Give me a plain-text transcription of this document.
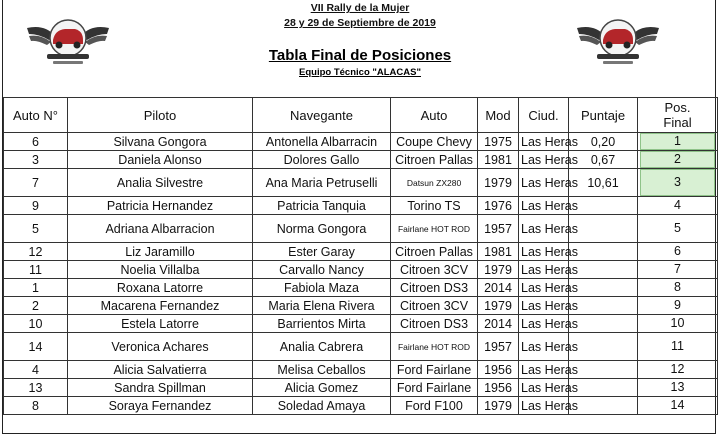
VII Rally de la Mujer
28 y 29 de Septiembre de 2019
Tabla Final de Posiciones
Equipo Técnico "ALACAS"
Auto N°	Piloto	Navegante	Auto	Mod	Ciud.	Puntaje	Pos.
Final
6	Silvana Gongora	Antonella Albarracin	Coupe Chevy	1975	Las Heras	0,20	1

3	Daniela Alonso	Dolores Gallo	Citroen Pallas	1981	Las Heras	0,67	2

7	Analia Silvestre	Ana Maria Petruselli	Datsun ZX280	1979	Las Heras	10,61	3

9	Patricia Hernandez	Patricia Tanquia	Torino TS	1976	Las Heras		4

5	Adriana Albarracion	Norma Gongora	Fairlane HOT ROD	1957	Las Heras		5

12	Liz Jaramillo	Ester Garay	Citroen Pallas	1981	Las Heras		6

11	Noelia Villalba	Carvallo Nancy	Citroen 3CV	1979	Las Heras		7

1	Roxana Latorre	Fabiola Maza	Citroen DS3	2014	Las Heras		8

2	Macarena Fernandez	Maria Elena Rivera	Citroen 3CV	1979	Las Heras		9

10	Estela Latorre	Barrientos Mirta	Citroen DS3	2014	Las Heras		10

14	Veronica Achares	Analia Cabrera	Fairlane HOT ROD	1957	Las Heras		11

4	Alicia Salvatierra	Melisa Ceballos	Ford Fairlane	1956	Las Heras		12

13	Sandra Spillman	Alicia Gomez	Ford Fairlane	1956	Las Heras		13

8	Soraya Fernandez	Soledad Amaya	Ford F100	1979	Las Heras		14
